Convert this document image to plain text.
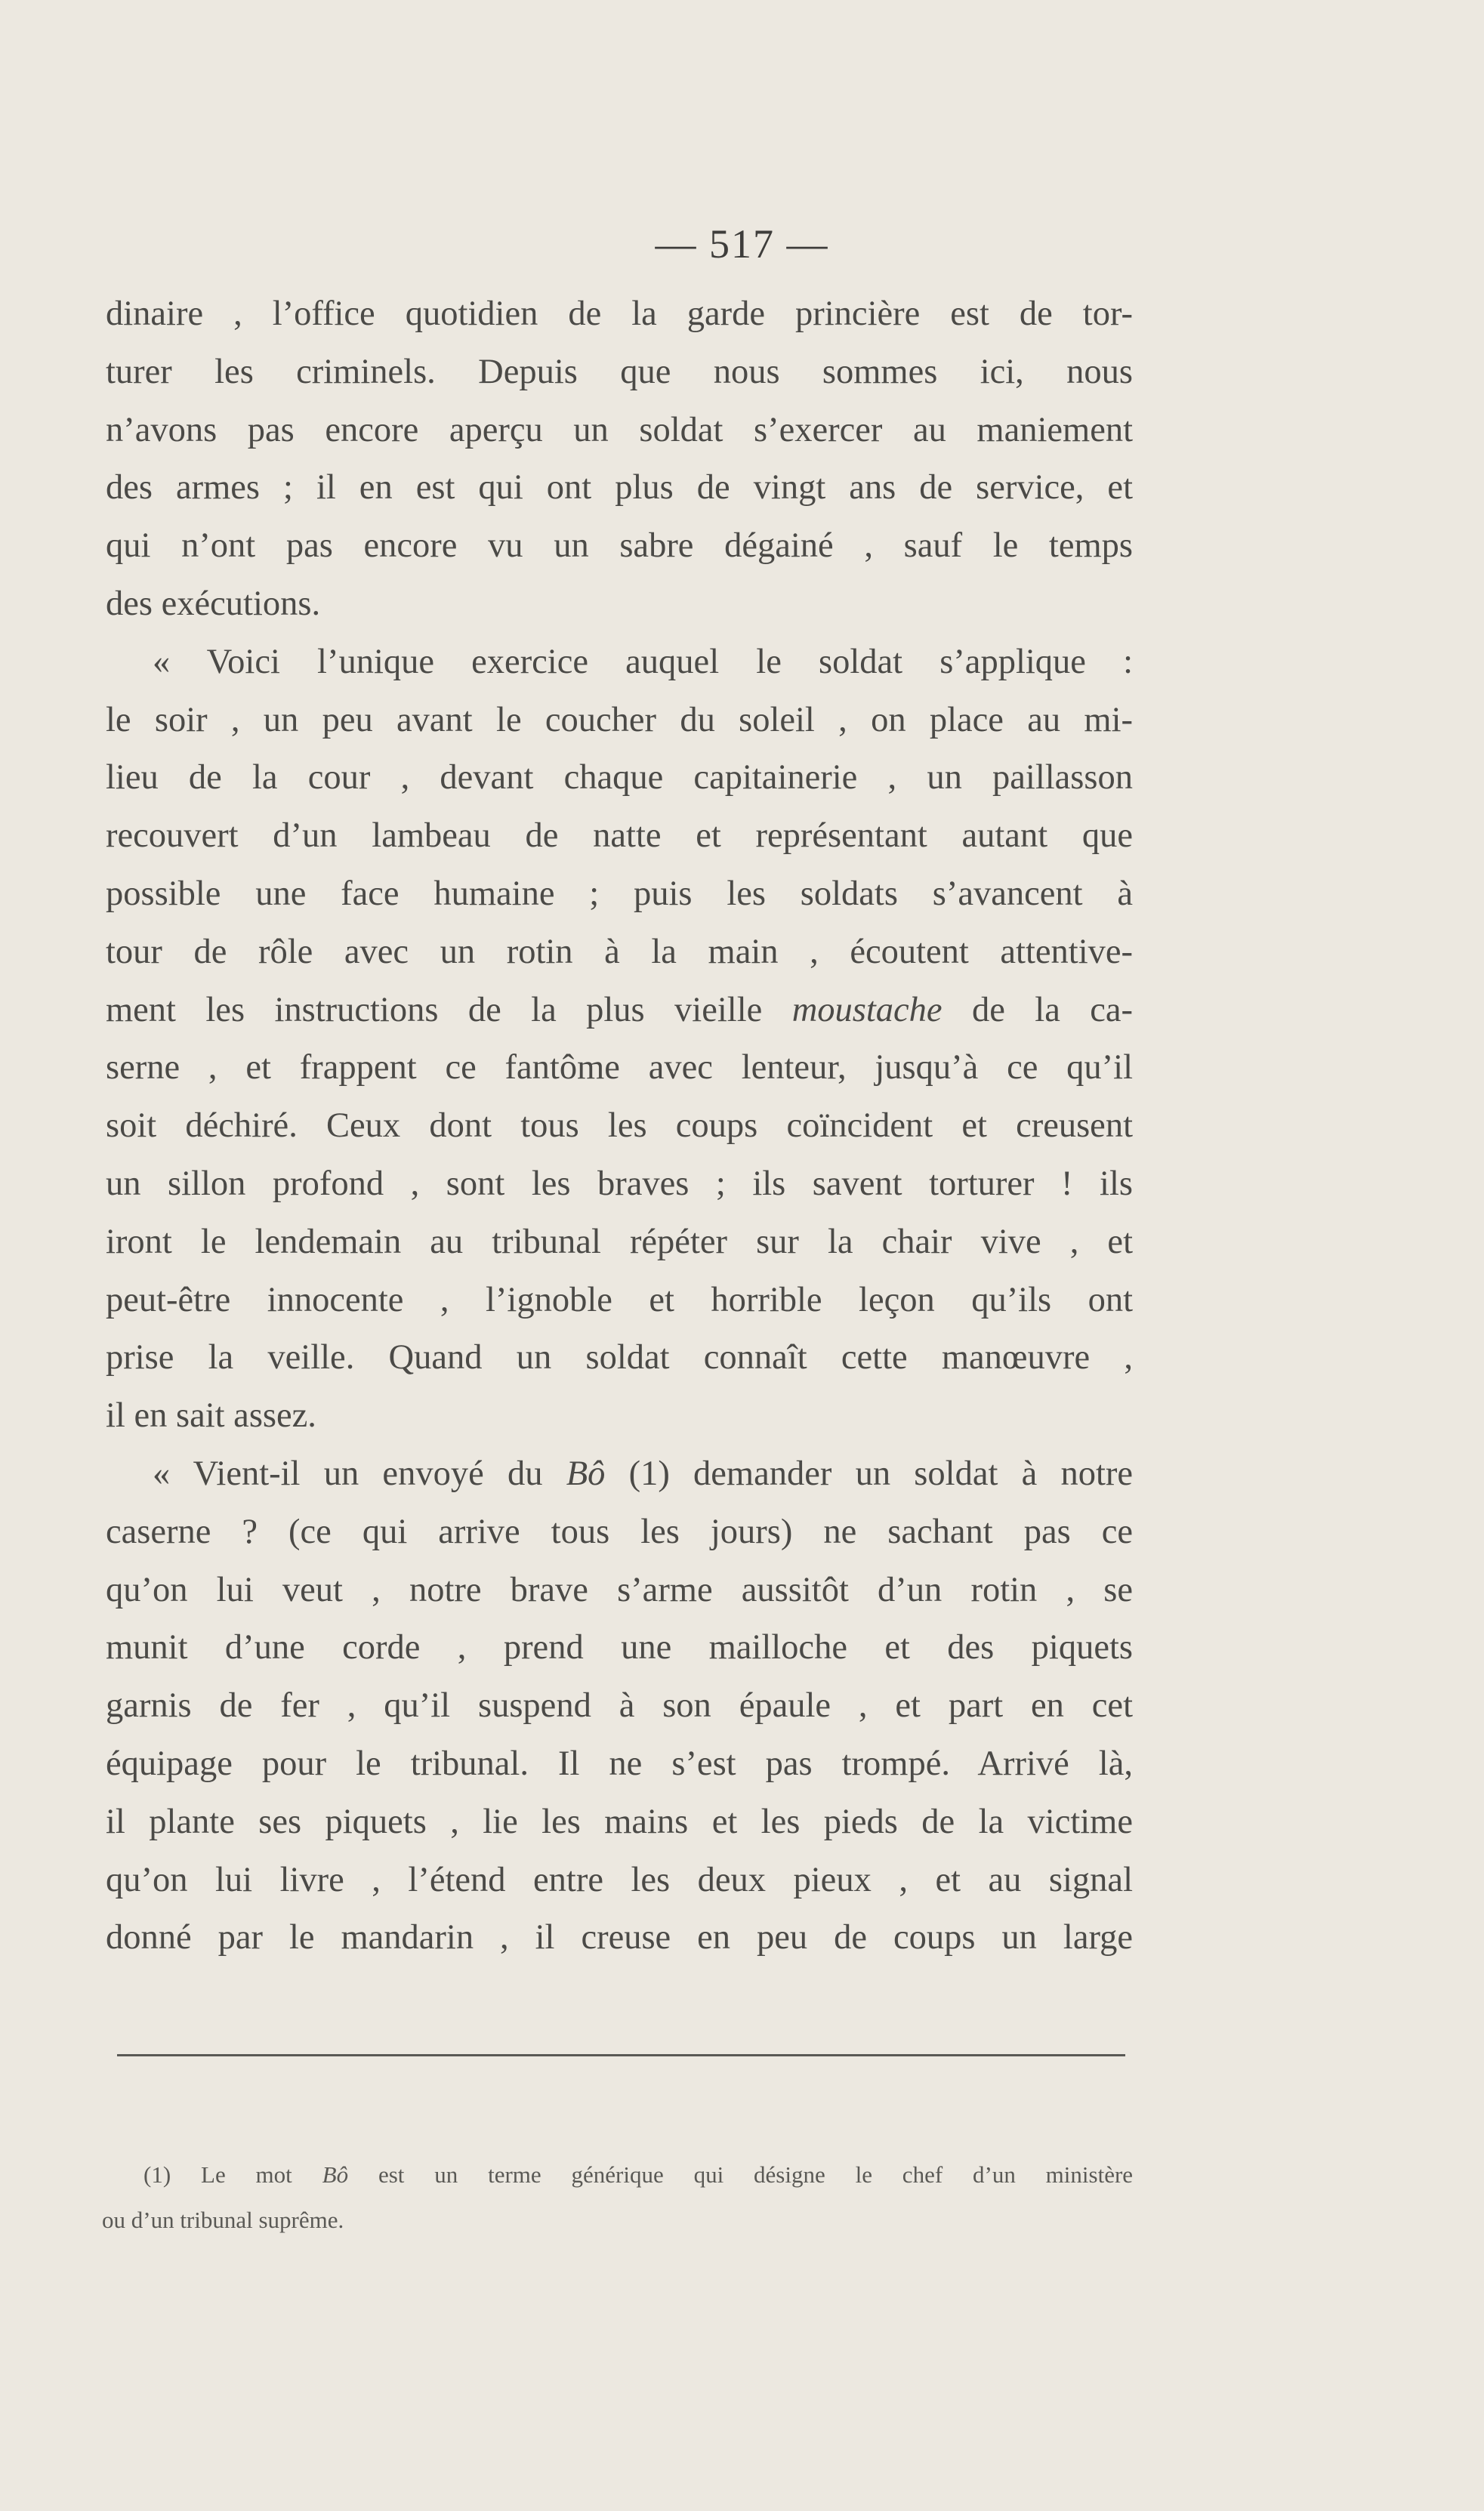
— 517 —
dinaire , l’office quotidien de la garde princière est de tor-
turer les criminels. Depuis que nous sommes ici, nous
n’avons pas encore aperçu un soldat s’exercer au maniement
des armes ; il en est qui ont plus de vingt ans de service, et
qui n’ont pas encore vu un sabre dégainé , sauf le temps
des exécutions.
« Voici l’unique exercice auquel le soldat s’applique :
le soir , un peu avant le coucher du soleil , on place au mi-
lieu de la cour , devant chaque capitainerie , un paillasson
recouvert d’un lambeau de natte et représentant autant que
possible une face humaine ; puis les soldats s’avancent à
tour de rôle avec un rotin à la main , écoutent attentive-
ment les instructions de la plus vieille moustache de la ca-
serne , et frappent ce fantôme avec lenteur, jusqu’à ce qu’il
soit déchiré. Ceux dont tous les coups coïncident et creusent
un sillon profond , sont les braves ; ils savent torturer ! ils
iront le lendemain au tribunal répéter sur la chair vive , et
peut-être innocente , l’ignoble et horrible leçon qu’ils ont
prise la veille. Quand un soldat connaît cette manœuvre ,
il en sait assez.
« Vient-il un envoyé du Bô (1) demander un soldat à notre
caserne ? (ce qui arrive tous les jours) ne sachant pas ce
qu’on lui veut , notre brave s’arme aussitôt d’un rotin , se
munit d’une corde , prend une mailloche et des piquets
garnis de fer , qu’il suspend à son épaule , et part en cet
équipage pour le tribunal. Il ne s’est pas trompé. Arrivé là,
il plante ses piquets , lie les mains et les pieds de la victime
qu’on lui livre , l’étend entre les deux pieux , et au signal
donné par le mandarin , il creuse en peu de coups un large
(1) Le mot Bô est un terme générique qui désigne le chef d’un ministère
ou d’un tribunal suprême.
